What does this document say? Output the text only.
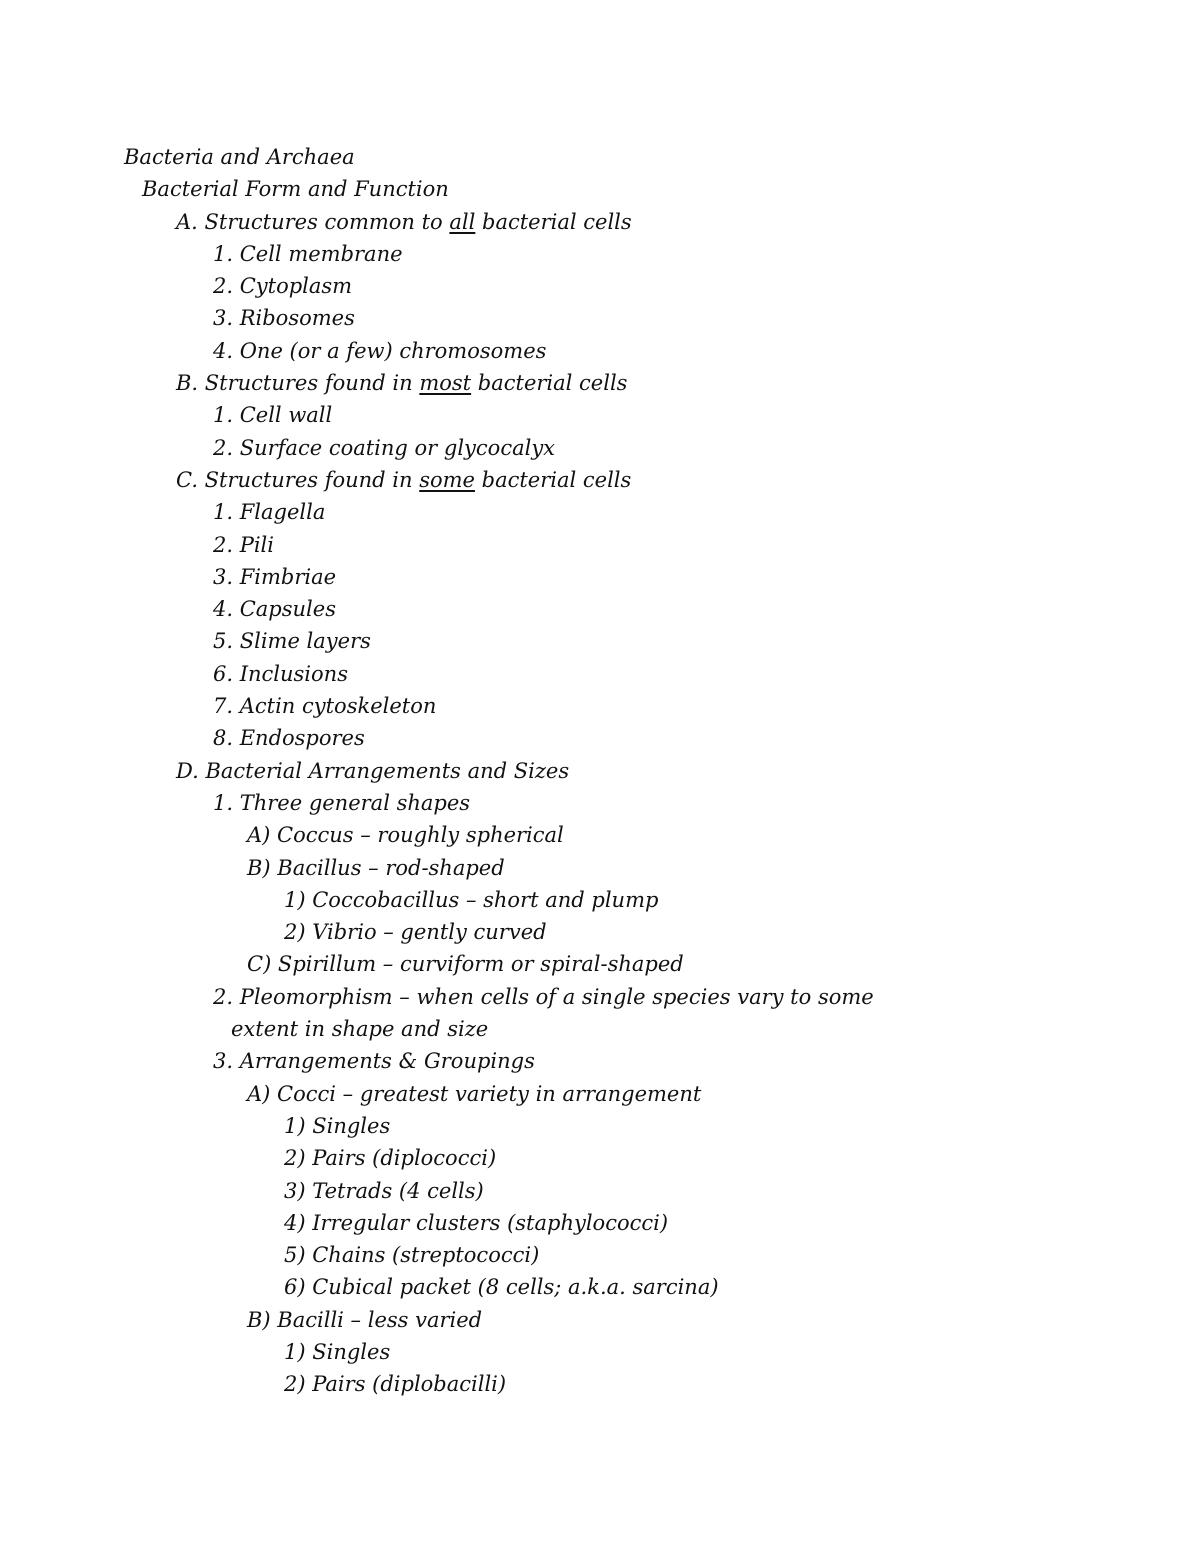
Bacteria and Archaea
Bacterial Form and Function
A. Structures common to all bacterial cells
1. Cell membrane
2. Cytoplasm
3. Ribosomes
4. One (or a few) chromosomes
B. Structures found in most bacterial cells
1. Cell wall
2. Surface coating or glycocalyx
C. Structures found in some bacterial cells
1. Flagella
2. Pili
3. Fimbriae
4. Capsules
5. Slime layers
6. Inclusions
7. Actin cytoskeleton
8. Endospores
D. Bacterial Arrangements and Sizes
1. Three general shapes
A) Coccus – roughly spherical
B) Bacillus – rod-shaped
1) Coccobacillus – short and plump
2) Vibrio – gently curved
C) Spirillum – curviform or spiral-shaped
2. Pleomorphism – when cells of a single species vary to some
extent in shape and size
3. Arrangements & Groupings
A) Cocci – greatest variety in arrangement
1) Singles
2) Pairs (diplococci)
3) Tetrads (4 cells)
4) Irregular clusters (staphylococci)
5) Chains (streptococci)
6) Cubical packet (8 cells; a.k.a. sarcina)
B) Bacilli – less varied
1) Singles
2) Pairs (diplobacilli)
